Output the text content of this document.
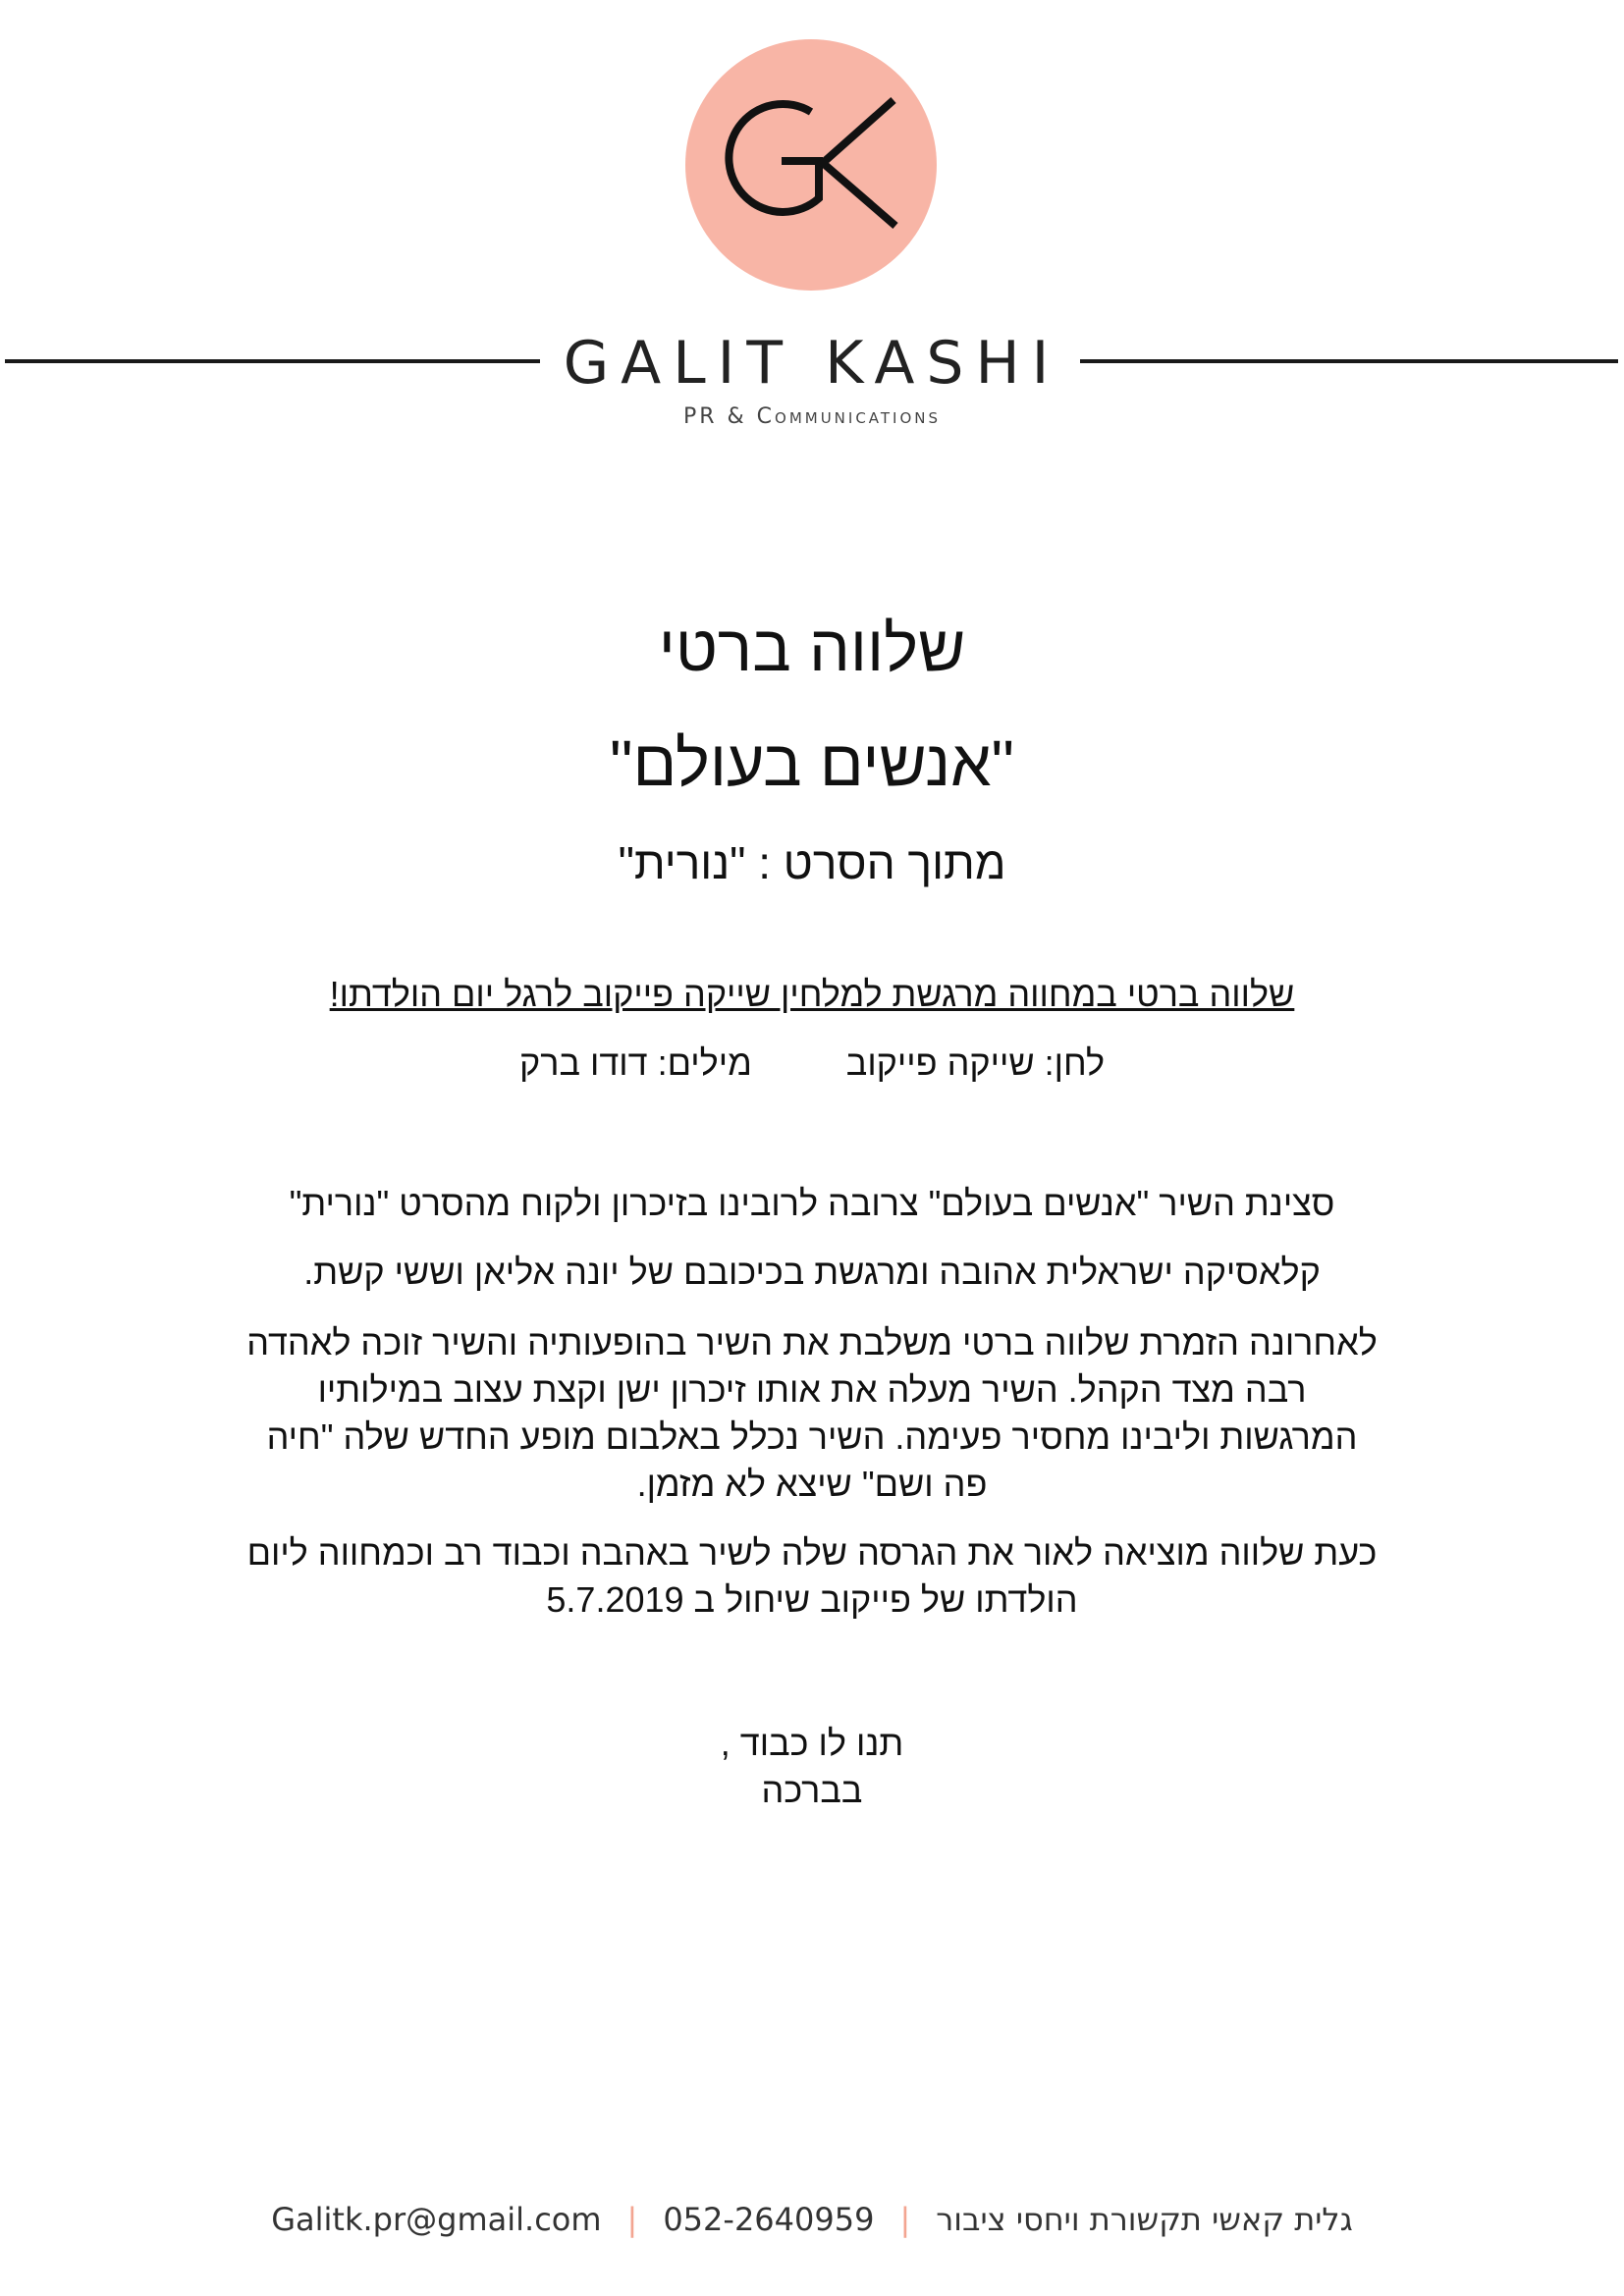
GALIT KASHI
PR & Communications
שלווה ברטי
"אנשים בעולם"
מתוך הסרט : "נורית"
שלווה ברטי במחווה מרגשת למלחין שייקה פייקוב לרגל יום הולדתו!
מילים: דודו ברק	לחן: שייקה פייקוב
סצינת השיר "אנשים בעולם" צרובה לרובינו בזיכרון ולקוח מהסרט "נורית"
קלאסיקה ישראלית אהובה ומרגשת בכיכובם של יונה אליאן וששי קשת.
לאחרונה הזמרת שלווה ברטי משלבת את השיר בהופעותיה והשיר זוכה לאהדה רבה מצד הקהל. השיר מעלה את אותו זיכרון ישן וקצת עצוב במילותיו המרגשות וליבינו מחסיר פעימה. השיר נכלל באלבום מופע החדש שלה "חיה פה ושם" שיצא לא מזמן.
כעת שלווה מוציאה לאור את הגרסה שלה לשיר באהבה וכבוד רב וכמחווה ליום הולדתו של פייקוב שיחול ב 5.7.2019
תנו לו כבוד ,
בברכה
Galitk.pr@gmail.com | 052-2640959 | גלית קאשי תקשורת ויחסי ציבור
